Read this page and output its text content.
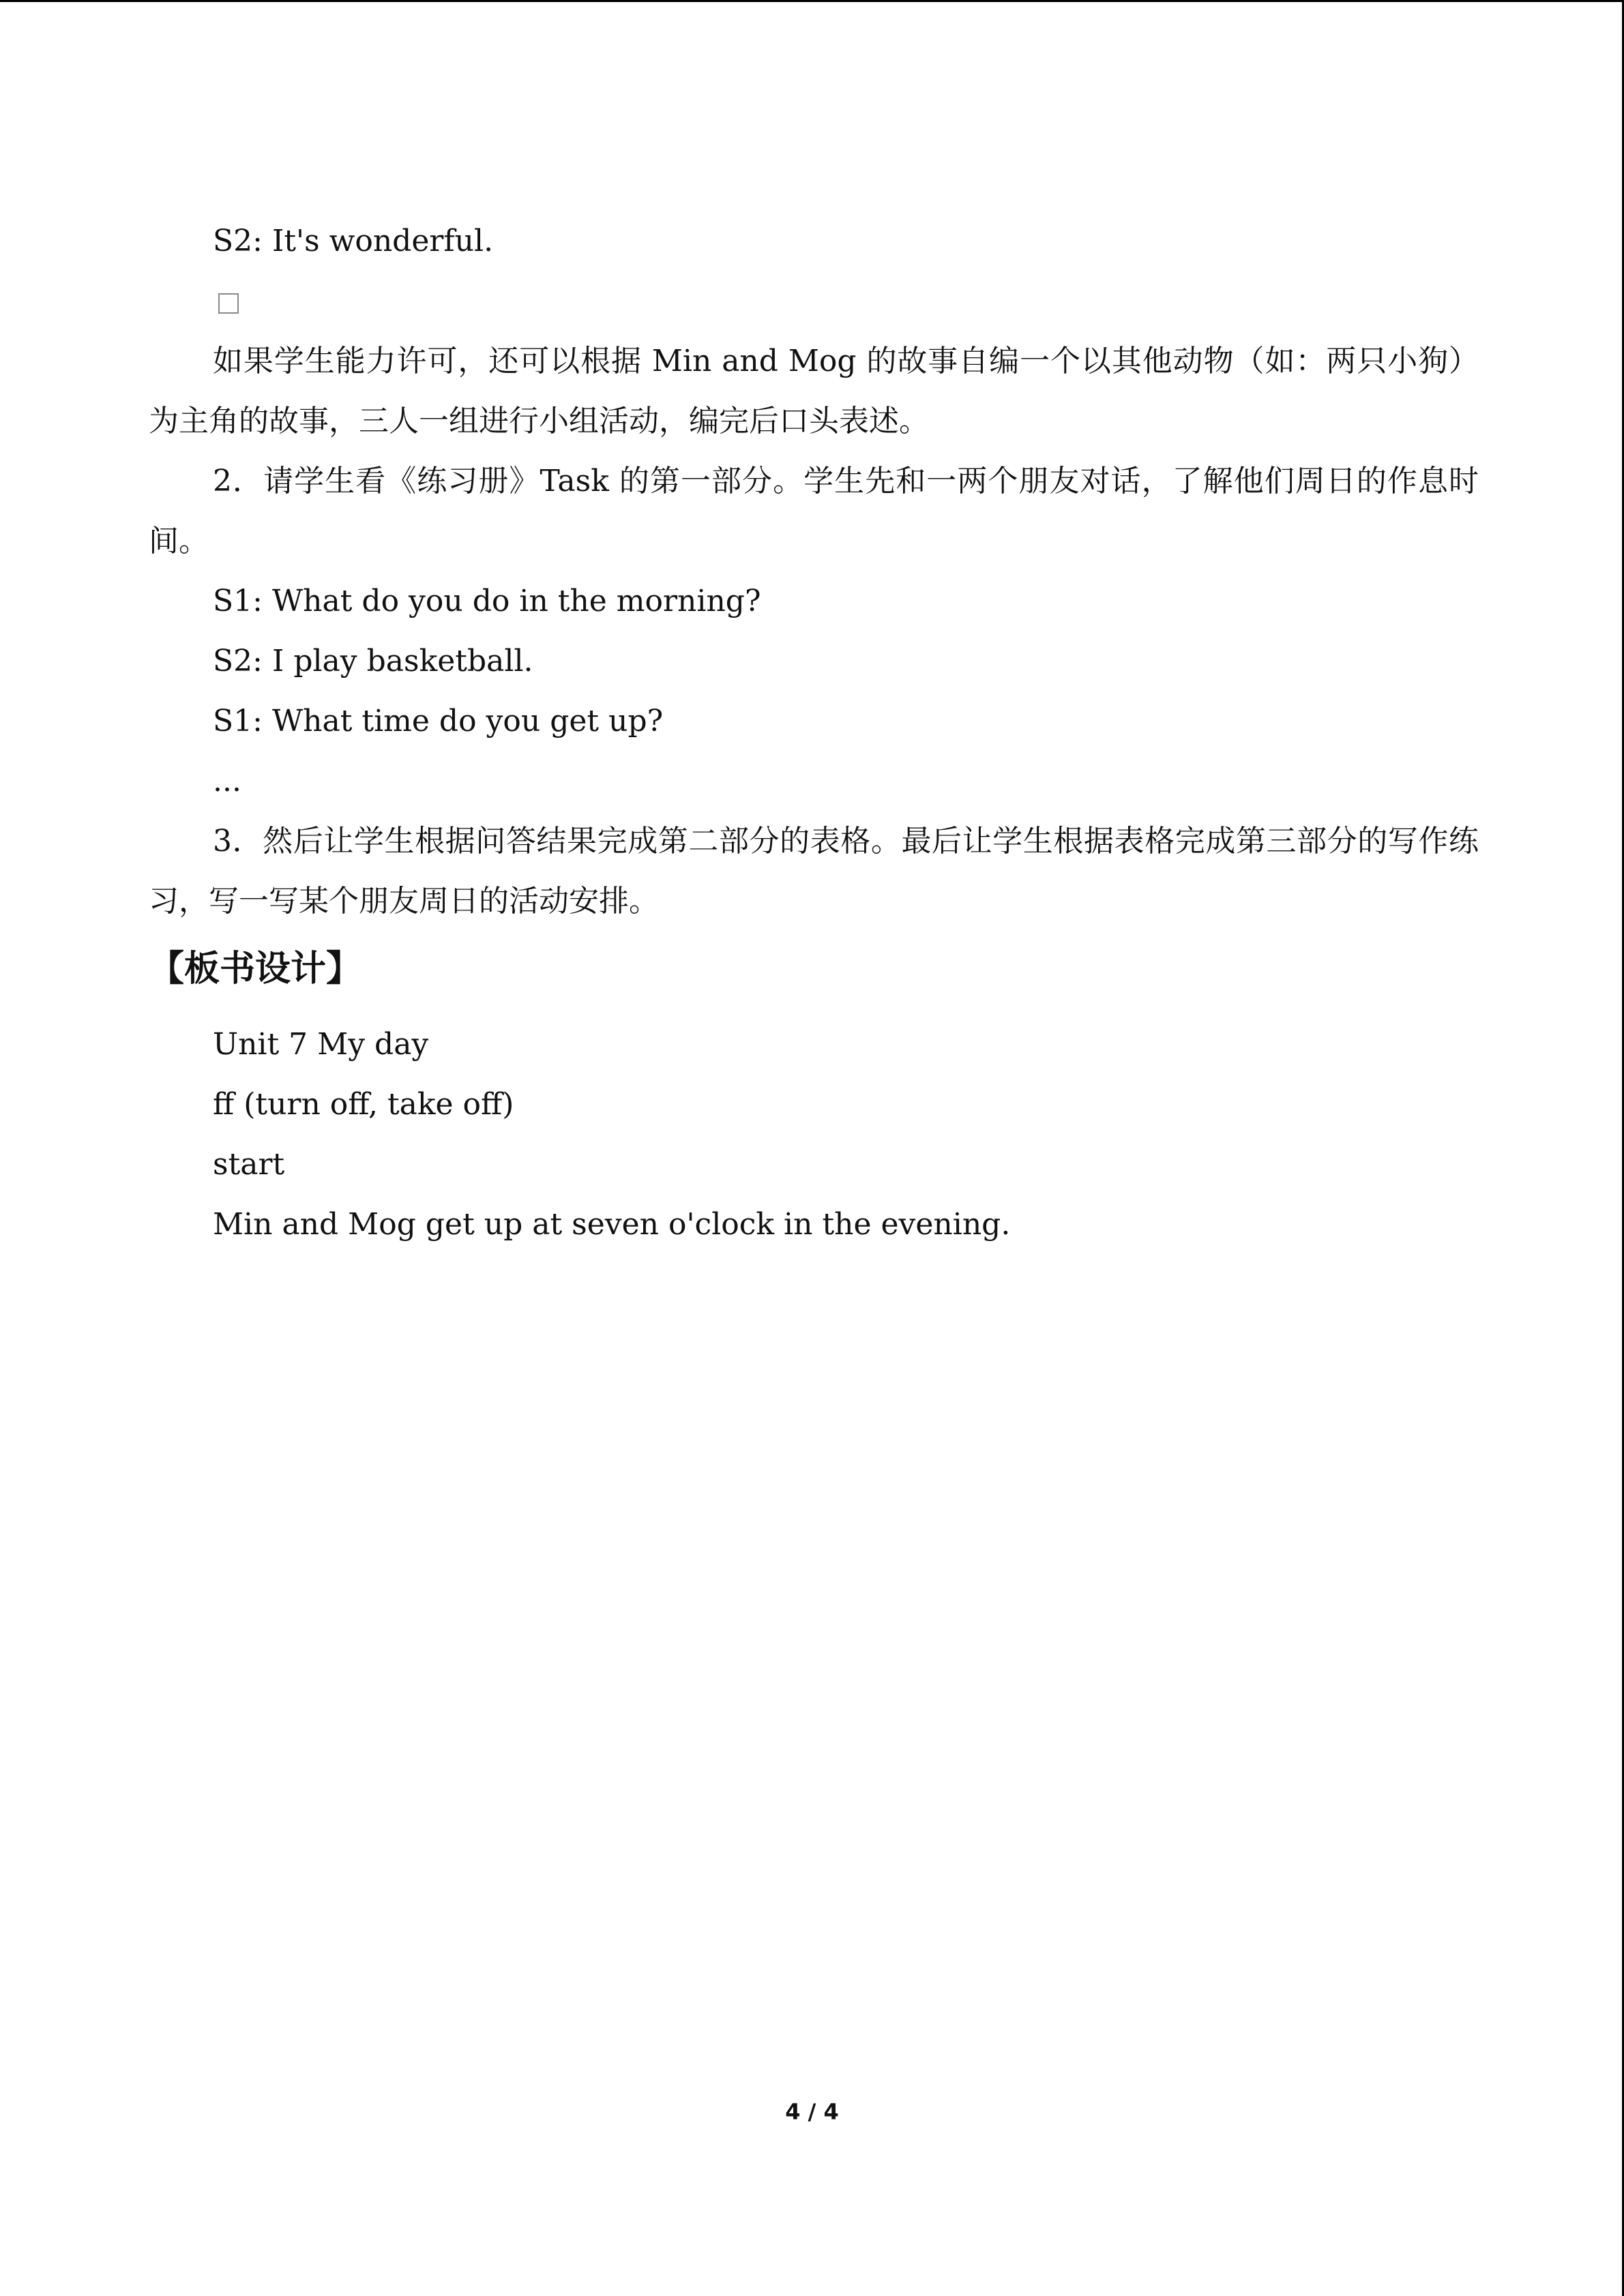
S2: It's wonderful.

如果学生能力许可，还可以根据 Min and Mog 的故事自编一个以其他动物（如：两只小狗）为主角的故事，三人一组进行小组活动，编完后口头表述。

2．请学生看《练习册》Task 的第一部分。学生先和一两个朋友对话，了解他们周日的作息时间。

S1: What do you do in the morning?
S2: I play basketball.
S1: What time do you get up?
...

3．然后让学生根据问答结果完成第二部分的表格。最后让学生根据表格完成第三部分的写作练习，写一写某个朋友周日的活动安排。

【板书设计】
Unit 7 My day
ff (turn off, take off)
start
Min and Mog get up at seven o'clock in the evening.
4 / 4
